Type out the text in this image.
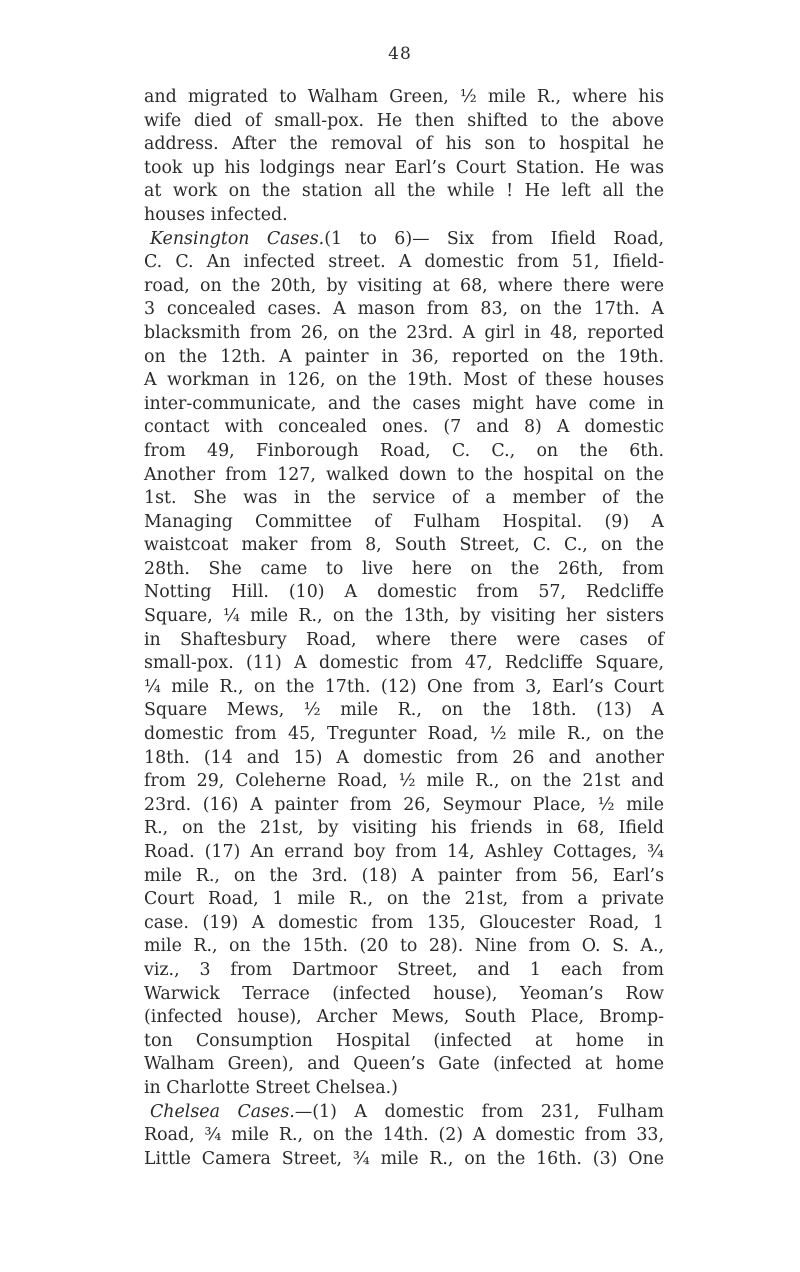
48
and migrated to Walham Green, ½ mile R., where his
wife died of small-pox. He then shifted to the above
address. After the removal of his son to hospital he
took up his lodgings near Earl’s Court Station. He was
at work on the station all the while ! He left all the
houses infected.
Kensington Cases.(1 to 6)— Six from Ifield Road,
C. C. An infected street. A domestic from 51, Ifield-
road, on the 20th, by visiting at 68, where there were
3 concealed cases. A mason from 83, on the 17th. A
blacksmith from 26, on the 23rd. A girl in 48, reported
on the 12th. A painter in 36, reported on the 19th.
A workman in 126, on the 19th. Most of these houses
inter-communicate, and the cases might have come in
contact with concealed ones. (7 and 8) A domestic
from 49, Finborough Road, C. C., on the 6th.
Another from 127, walked down to the hospital on the
1st. She was in the service of a member of the
Managing Committee of Fulham Hospital. (9) A
waistcoat maker from 8, South Street, C. C., on the
28th. She came to live here on the 26th, from
Notting Hill. (10) A domestic from 57, Redcliffe
Square, ¼ mile R., on the 13th, by visiting her sisters
in Shaftesbury Road, where there were cases of
small-pox. (11) A domestic from 47, Redcliffe Square,
¼ mile R., on the 17th. (12) One from 3, Earl’s Court
Square Mews, ½ mile R., on the 18th. (13) A
domestic from 45, Tregunter Road, ½ mile R., on the
18th. (14 and 15) A domestic from 26 and another
from 29, Coleherne Road, ½ mile R., on the 21st and
23rd. (16) A painter from 26, Seymour Place, ½ mile
R., on the 21st, by visiting his friends in 68, Ifield
Road. (17) An errand boy from 14, Ashley Cottages, ¾
mile R., on the 3rd. (18) A painter from 56, Earl’s
Court Road, 1 mile R., on the 21st, from a private
case. (19) A domestic from 135, Gloucester Road, 1
mile R., on the 15th. (20 to 28). Nine from O. S. A.,
viz., 3 from Dartmoor Street, and 1 each from
Warwick Terrace (infected house), Yeoman’s Row
(infected house), Archer Mews, South Place, Bromp-
ton Consumption Hospital (infected at home in
Walham Green), and Queen’s Gate (infected at home
in Charlotte Street Chelsea.)
Chelsea Cases.—(1) A domestic from 231, Fulham
Road, ¾ mile R., on the 14th. (2) A domestic from 33,
Little Camera Street, ¾ mile R., on the 16th. (3) One
